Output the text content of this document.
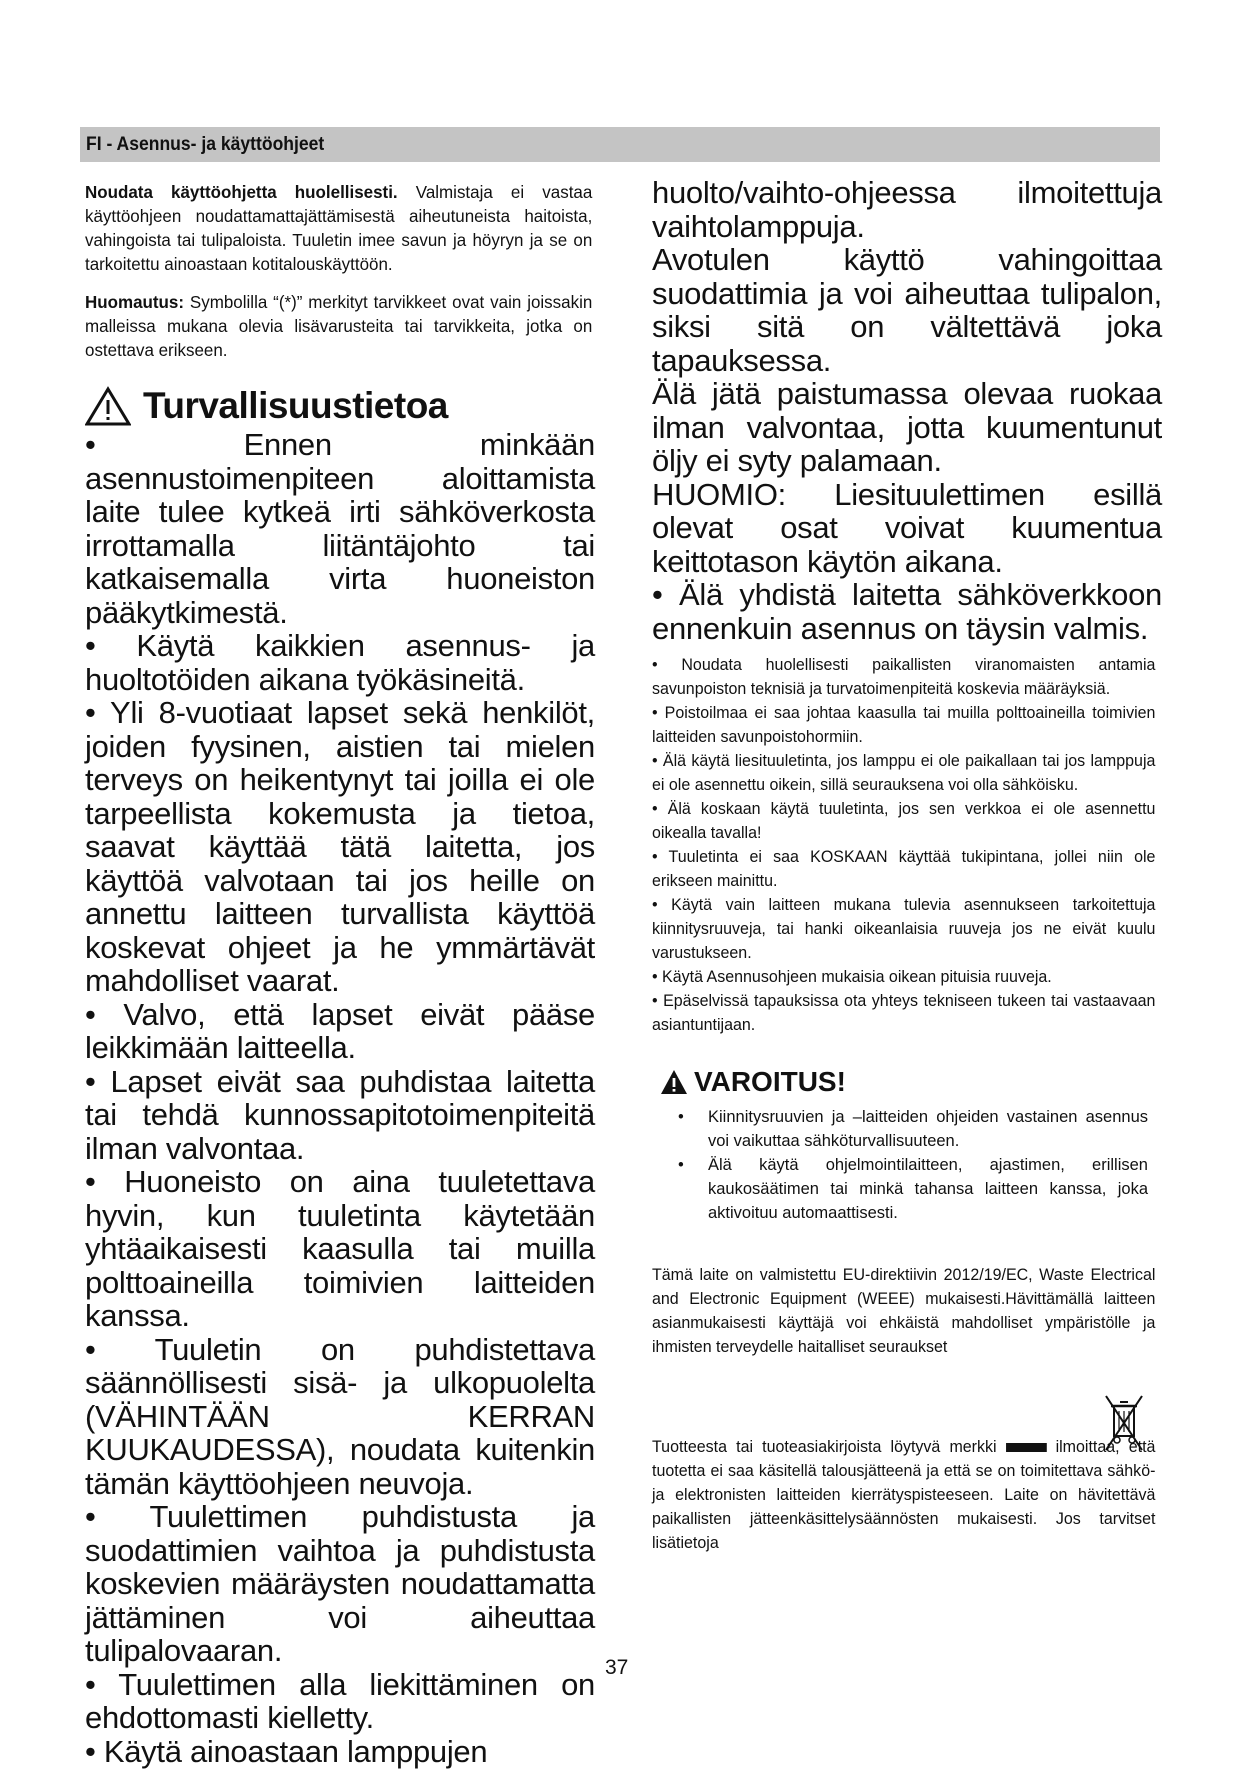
FI - Asennus- ja käyttöohjeet

Noudata käyttöohjetta huolellisesti. Valmistaja ei vastaa käyttöohjeen noudattamattajättämisestä aiheutuneista haitoista, vahingoista tai tulipaloista. Tuuletin imee savun ja höyryn ja se on tarkoitettu ainoastaan kotitalouskäyttöön.

Huomautus: Symbolilla “(*)” merkityt tarvikkeet ovat vain joissakin malleissa mukana olevia lisävarusteita tai tarvikkeita, jotka on ostettava erikseen.

Turvallisuustietoa

• Ennen minkään asennustoimenpiteen aloittamista laite tulee kytkeä irti sähköverkosta irrottamalla liitäntäjohto tai katkaisemalla virta huoneiston pääkytkimestä.

• Käytä kaikkien asennus- ja huoltotöiden aikana työkäsineitä.

• Yli 8-vuotiaat lapset sekä henkilöt, joiden fyysinen, aistien tai mielen terveys on heikentynyt tai joilla ei ole tarpeellista kokemusta ja tietoa, saavat käyttää tätä laitetta, jos käyttöä valvotaan tai jos heille on annettu laitteen turvallista käyttöä koskevat ohjeet ja he ymmärtävät mahdolliset vaarat.

• Valvo, että lapset eivät pääse leikkimään laitteella.

• Lapset eivät saa puhdistaa laitetta tai tehdä kunnossapitotoimenpiteitä ilman valvontaa.

• Huoneisto on aina tuuletettava hyvin, kun tuuletinta käytetään yhtäaikaisesti kaasulla tai muilla polttoaineilla toimivien laitteiden kanssa.

• Tuuletin on puhdistettava säännöllisesti sisä- ja ulkopuolelta (VÄHINTÄÄN KERRAN KUUKAUDESSA), noudata kuitenkin tämän käyttöohjeen neuvoja.

• Tuulettimen puhdistusta ja suodattimien vaihtoa ja puhdistusta koskevien määräysten noudattamatta jättäminen voi aiheuttaa tulipalovaaran.

• Tuulettimen alla liekittäminen on ehdottomasti kielletty.

• Käytä ainoastaan lamppujen

huolto/vaihto-ohjeessa ilmoitettuja vaihtolamppuja.

Avotulen käyttö vahingoittaa suodattimia ja voi aiheuttaa tulipalon, siksi sitä on vältettävä joka tapauksessa.

Älä jätä paistumassa olevaa ruokaa ilman valvontaa, jotta kuumentunut öljy ei syty palamaan.

HUOMIO: Liesituulettimen esillä olevat osat voivat kuumentua keittotason käytön aikana.

• Älä yhdistä laitetta sähköverkkoon ennenkuin asennus on täysin valmis.

• Noudata huolellisesti paikallisten viranomaisten antamia savunpoiston teknisiä ja turvatoimenpiteitä koskevia määräyksiä.

• Poistoilmaa ei saa johtaa kaasulla tai muilla polttoaineilla toimivien laitteiden savunpoistohormiin.

• Älä käytä liesituuletinta, jos lamppu ei ole paikallaan tai jos lamppuja ei ole asennettu oikein, sillä seurauksena voi olla sähköisku.

• Älä koskaan käytä tuuletinta, jos sen verkkoa ei ole asennettu oikealla tavalla!

• Tuuletinta ei saa KOSKAAN käyttää tukipintana, jollei niin ole erikseen mainittu.

• Käytä vain laitteen mukana tulevia asennukseen tarkoitettuja kiinnitysruuveja, tai hanki oikeanlaisia ruuveja jos ne eivät kuulu varustukseen.

• Käytä Asennusohjeen mukaisia oikean pituisia ruuveja.

• Epäselvissä tapauksissa ota yhteys tekniseen tukeen tai vastaavaan asiantuntijaan.

VAROITUS!
• Kiinnitysruuvien ja –laitteiden ohjeiden vastainen asennus voi vaikuttaa sähköturvallisuuteen.
• Älä käytä ohjelmointilaitteen, ajastimen, erillisen kaukosäätimen tai minkä tahansa laitteen kanssa, joka aktivoituu automaattisesti.

Tämä laite on valmistettu EU-direktiivin 2012/19/EC, Waste Electrical and Electronic Equipment (WEEE) mukaisesti.Hävittämällä laitteen asianmukaisesti käyttäjä voi ehkäistä mahdolliset ympäristölle ja ihmisten terveydelle haitalliset seuraukset

Tuotteesta tai tuoteasiakirjoista löytyvä merkki	ilmoittaa, että tuotetta ei saa käsitellä talousjätteenä ja että se on toimitettava sähkö- ja elektronisten laitteiden kierrätyspisteeseen. Laite on hävitettävä paikallisten jätteenkäsittelysäännösten mukaisesti. Jos tarvitset lisätietoja

37
